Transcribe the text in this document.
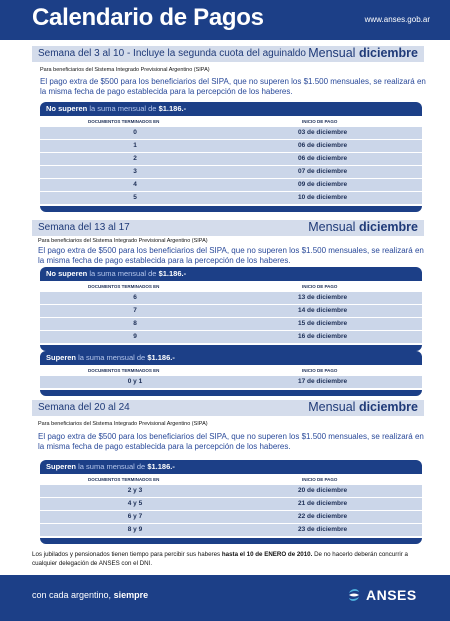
Calendario de Pagos	www.anses.gob.ar
Semana del 3 al 10 - Incluye la segunda cuota del aguinaldo Mensual diciembre
Para beneficiarios del Sistema Integrado Previsional Argentino (SIPA)
El pago extra de $500 para los beneficiarios del SIPA, que no superen los $1.500 mensuales, se realizará en la misma fecha de pago establecida para la percepción de los haberes.
No superen la suma mensual de $1.186.-
DOCUMENTOS TERMINADOS EN	INICIO DE PAGO
0	03 de diciembre
1	06 de diciembre
2	06 de diciembre
3	07 de diciembre
4	09 de diciembre
5	10 de diciembre
Semana del 13 al 17	Mensual diciembre
Para beneficiarios del Sistema Integrado Previsional Argentino (SIPA)
El pago extra de $500 para los beneficiarios del SIPA, que no superen los $1.500 mensuales, se realizará en la misma fecha de pago establecida para la percepción de los haberes.
No superen la suma mensual de $1.186.-
DOCUMENTOS TERMINADOS EN	INICIO DE PAGO
6	13 de diciembre
7	14 de diciembre
8	15 de diciembre
9	16 de diciembre
Superen la suma mensual de $1.186.-
DOCUMENTOS TERMINADOS EN	INICIO DE PAGO
0 y 1	17 de diciembre
Semana del 20 al 24	Mensual diciembre
Para beneficiarios del Sistema Integrado Previsional Argentino (SIPA)
El pago extra de $500 para los beneficiarios del SIPA, que no superen los $1.500 mensuales, se realizará en la misma fecha de pago establecida para la percepción de los haberes.
Superen la suma mensual de $1.186.-
DOCUMENTOS TERMINADOS EN	INICIO DE PAGO
2 y 3	20 de diciembre
4 y 5	21 de diciembre
6 y 7	22 de diciembre
8 y 9	23 de diciembre
Los jubilados y pensionados tienen tiempo para percibir sus haberes hasta el 10 de ENERO de 2010. De no hacerlo deberán concurrir a cualquier delegación de ANSES con el DNI.
con cada argentino, siempre	ANSES
